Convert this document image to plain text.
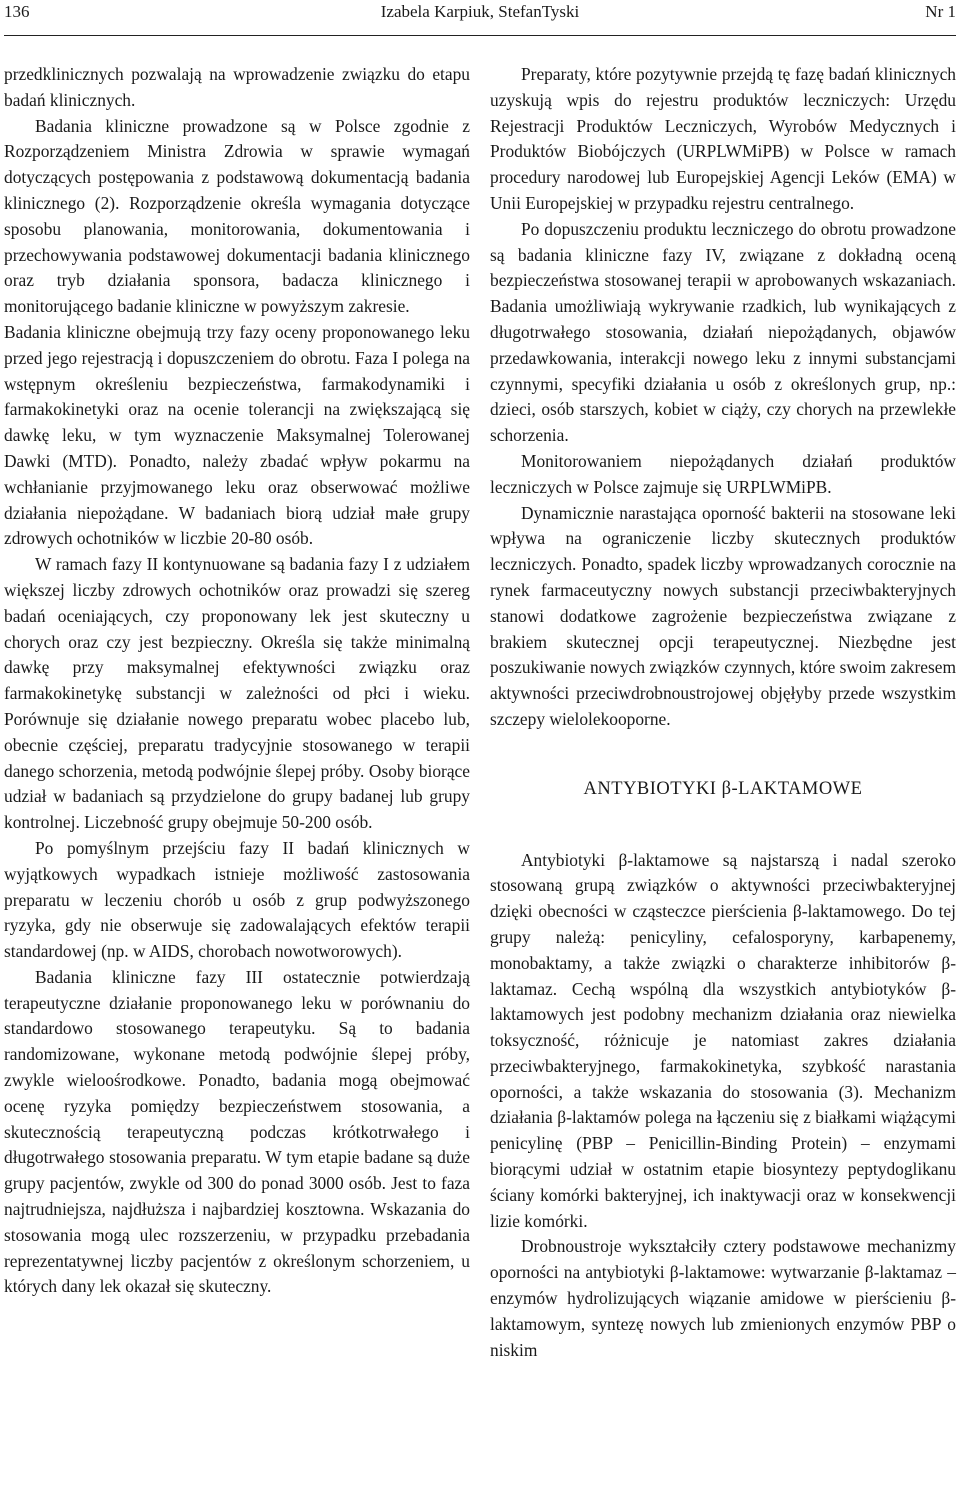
136	Izabela Karpiuk, StefanTyski	Nr 1

przedklinicznych pozwalają na wprowadzenie związku do etapu badań klinicznych.

Badania kliniczne prowadzone są w Polsce zgodnie z Rozporządzeniem Ministra Zdrowia w sprawie wymagań dotyczących postępowania z podstawową dokumentacją badania klinicznego (2). Rozporządzenie określa wymagania dotyczące sposobu planowania, monitorowania, dokumentowania i przechowywania podstawowej dokumentacji badania klinicznego oraz tryb działania sponsora, badacza klinicznego i monitorującego badanie kliniczne w powyższym zakresie.

Badania kliniczne obejmują trzy fazy oceny proponowanego leku przed jego rejestracją i dopuszczeniem do obrotu. Faza I polega na wstępnym określeniu bezpieczeństwa, farmakodynamiki i farmakokinetyki oraz na ocenie tolerancji na zwiększającą się dawkę leku, w tym wyznaczenie Maksymalnej Tolerowanej Dawki (MTD). Ponadto, należy zbadać wpływ pokarmu na wchłanianie przyjmowanego leku oraz obserwować możliwe działania niepożądane. W badaniach biorą udział małe grupy zdrowych ochotników w liczbie 20-80 osób.

W ramach fazy II kontynuowane są badania fazy I z udziałem większej liczby zdrowych ochotników oraz prowadzi się szereg badań oceniających, czy proponowany lek jest skuteczny u chorych oraz czy jest bezpieczny. Określa się także minimalną dawkę przy maksymalnej efektywności związku oraz farmakokinetykę substancji w zależności od płci i wieku. Porównuje się działanie nowego preparatu wobec placebo lub, obecnie częściej, preparatu tradycyjnie stosowanego w terapii danego schorzenia, metodą podwójnie ślepej próby. Osoby biorące udział w badaniach są przydzielone do grupy badanej lub grupy kontrolnej. Liczebność grupy obejmuje 50-200 osób.

Po pomyślnym przejściu fazy II badań klinicznych w wyjątkowych wypadkach istnieje możliwość zastosowania preparatu w leczeniu chorób u osób z grup podwyższonego ryzyka, gdy nie obserwuje się zadowalających efektów terapii standardowej (np. w AIDS, chorobach nowotworowych).

Badania kliniczne fazy III ostatecznie potwierdzają terapeutyczne działanie proponowanego leku w porównaniu do standardowo stosowanego terapeutyku. Są to badania randomizowane, wykonane metodą podwójnie ślepej próby, zwykle wieloośrodkowe. Ponadto, badania mogą obejmować ocenę ryzyka pomiędzy bezpieczeństwem stosowania, a skutecznością terapeutyczną podczas krótkotrwałego i długotrwałego stosowania preparatu. W tym etapie badane są duże grupy pacjentów, zwykle od 300 do ponad 3000 osób. Jest to faza najtrudniejsza, najdłuższa i najbardziej kosztowna. Wskazania do stosowania mogą ulec rozszerzeniu, w przypadku przebadania reprezentatywnej liczby pacjentów z określonym schorzeniem, u których dany lek okazał się skuteczny.

Preparaty, które pozytywnie przejdą tę fazę badań klinicznych uzyskują wpis do rejestru produktów leczniczych: Urzędu Rejestracji Produktów Leczniczych, Wyrobów Medycznych i Produktów Biobójczych (URPLWMiPB) w Polsce w ramach procedury narodowej lub Europejskiej Agencji Leków (EMA) w Unii Europejskiej w przypadku rejestru centralnego.

Po dopuszczeniu produktu leczniczego do obrotu prowadzone są badania kliniczne fazy IV, związane z dokładną oceną bezpieczeństwa stosowanej terapii w aprobowanych wskazaniach. Badania umożliwiają wykrywanie rzadkich, lub wynikających z długotrwałego stosowania, działań niepożądanych, objawów przedawkowania, interakcji nowego leku z innymi substancjami czynnymi, specyfiki działania u osób z określonych grup, np.: dzieci, osób starszych, kobiet w ciąży, czy chorych na przewlekłe schorzenia.

Monitorowaniem niepożądanych działań produktów leczniczych w Polsce zajmuje się URPLWMiPB.

Dynamicznie narastająca oporność bakterii na stosowane leki wpływa na ograniczenie liczby skutecznych produktów leczniczych. Ponadto, spadek liczby wprowadzanych corocznie na rynek farmaceutyczny nowych substancji przeciwbakteryjnych stanowi dodatkowe zagrożenie bezpieczeństwa związane z brakiem skutecznej opcji terapeutycznej. Niezbędne jest poszukiwanie nowych związków czynnych, które swoim zakresem aktywności przeciwdrobnoustrojowej objęłyby przede wszystkim szczepy wielolekooporne.

ANTYBIOTYKI β-LAKTAMOWE

Antybiotyki β-laktamowe są najstarszą i nadal szeroko stosowaną grupą związków o aktywności przeciwbakteryjnej dzięki obecności w cząsteczce pierścienia β-laktamowego. Do tej grupy należą: penicyliny, cefalosporyny, karbapenemy, monobaktamy, a także związki o charakterze inhibitorów β-laktamaz. Cechą wspólną dla wszystkich antybiotyków β-laktamowych jest podobny mechanizm działania oraz niewielka toksyczność, różnicuje je natomiast zakres działania przeciwbakteryjnego, farmakokinetyka, szybkość narastania oporności, a także wskazania do stosowania (3). Mechanizm działania β-laktamów polega na łączeniu się z białkami wiążącymi penicylinę (PBP – Penicillin-Binding Protein) – enzymami biorącymi udział w ostatnim etapie biosyntezy peptydoglikanu ściany komórki bakteryjnej, ich inaktywacji oraz w konsekwencji lizie komórki.

Drobnoustroje wykształciły cztery podstawowe mechanizmy oporności na antybiotyki β-laktamowe: wytwarzanie β-laktamaz – enzymów hydrolizujących wiązanie amidowe w pierścieniu β-laktamowym, syntezę nowych lub zmienionych enzymów PBP o niskim
